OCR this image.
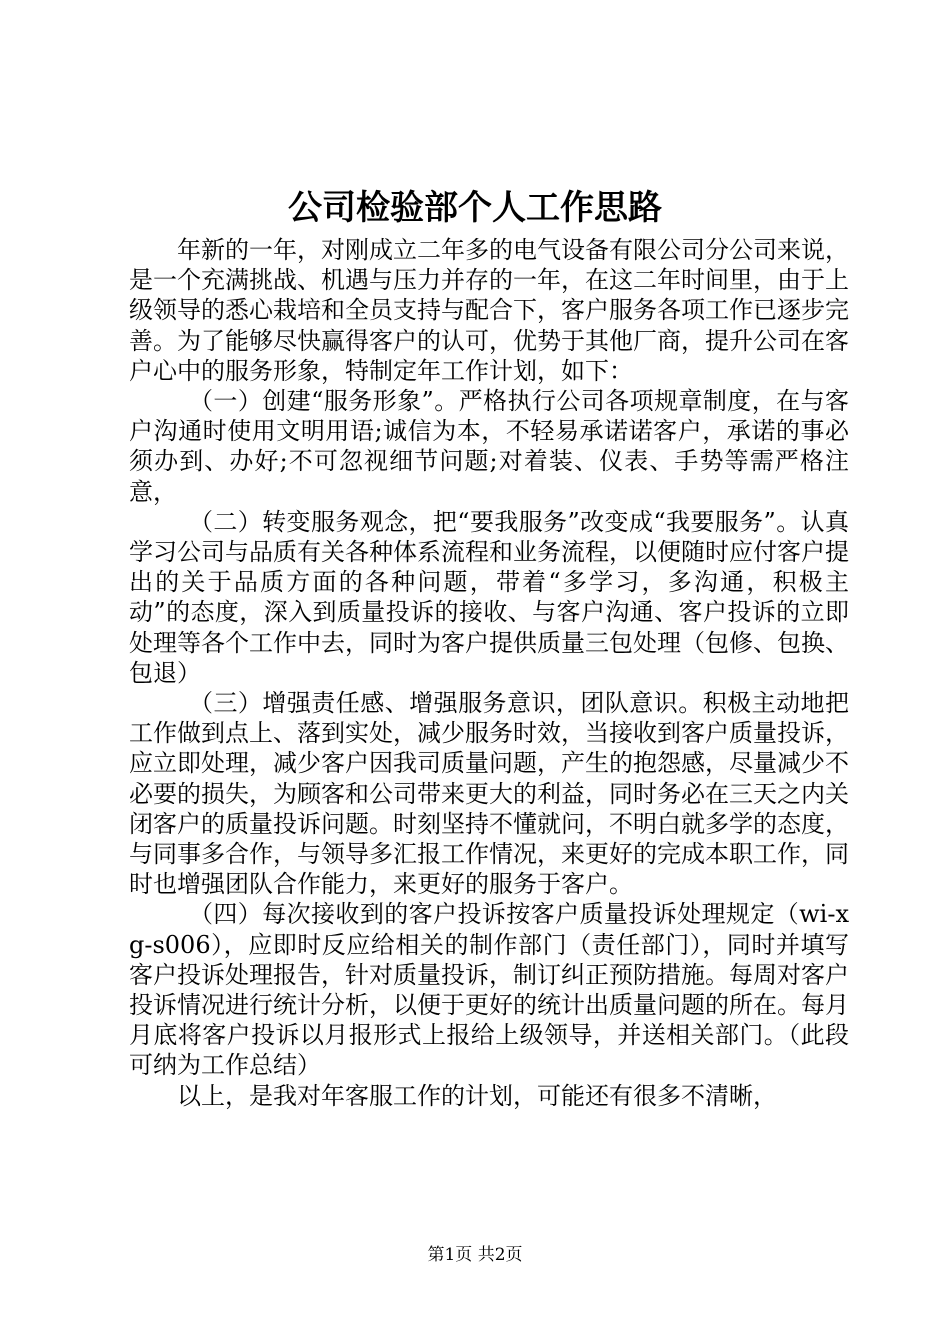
公司检验部个人工作思路

年新的一年，对刚成立二年多的电气设备有限公司分公司来说，是一个充满挑战、机遇与压力并存的一年，在这二年时间里，由于上级领导的悉心栽培和全员支持与配合下，客户服务各项工作已逐步完善。为了能够尽快赢得客户的认可，优势于其他厂商，提升公司在客户心中的服务形象，特制定年工作计划，如下：

（一）创建“服务形象”。严格执行公司各项规章制度，在与客户沟通时使用文明用语;诚信为本，不轻易承诺诺客户，承诺的事必须办到、办好;不可忽视细节问题;对着装、仪表、手势等需严格注意，

（二）转变服务观念，把“要我服务”改变成“我要服务”。认真学习公司与品质有关各种体系流程和业务流程，以便随时应付客户提出的关于品质方面的各种问题，带着“多学习，多沟通，积极主动”的态度，深入到质量投诉的接收、与客户沟通、客户投诉的立即处理等各个工作中去，同时为客户提供质量三包处理（包修、包换、包退）

（三）增强责任感、增强服务意识，团队意识。积极主动地把工作做到点上、落到实处，减少服务时效，当接收到客户质量投诉，应立即处理，减少客户因我司质量问题，产生的抱怨感，尽量减少不必要的损失，为顾客和公司带来更大的利益，同时务必在三天之内关闭客户的质量投诉问题。时刻坚持不懂就问，不明白就多学的态度，与同事多合作，与领导多汇报工作情况，来更好的完成本职工作，同时也增强团队合作能力，来更好的服务于客户。

（四）每次接收到的客户投诉按客户质量投诉处理规定（wi-xg-s006），应即时反应给相关的制作部门（责任部门），同时并填写客户投诉处理报告，针对质量投诉，制订纠正预防措施。每周对客户投诉情况进行统计分析，以便于更好的统计出质量问题的所在。每月月底将客户投诉以月报形式上报给上级领导，并送相关部门。（此段可纳为工作总结）

以上，是我对年客服工作的计划，可能还有很多不清晰，

第1页 共2页
